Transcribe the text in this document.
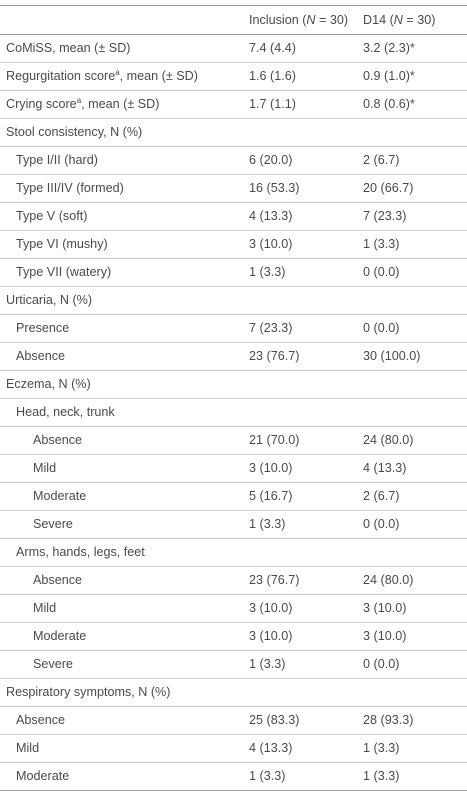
	Inclusion (N = 30)	D14 (N = 30)
CoMiSS, mean (± SD)	7.4 (4.4)	3.2 (2.3)*
Regurgitation score$^a$, mean (± SD)	1.6 (1.6)	0.9 (1.0)*
Crying score$^a$, mean (± SD)	1.7 (1.1)	0.8 (0.6)*
Stool consistency, N (%)		
Type I/II (hard)	6 (20.0)	2 (6.7)
Type III/IV (formed)	16 (53.3)	20 (66.7)
Type V (soft)	4 (13.3)	7 (23.3)
Type VI (mushy)	3 (10.0)	1 (3.3)
Type VII (watery)	1 (3.3)	0 (0.0)
Urticaria, N (%)		
Presence	7 (23.3)	0 (0.0)
Absence	23 (76.7)	30 (100.0)
Eczema, N (%)		
Head, neck, trunk		
Absence	21 (70.0)	24 (80.0)
Mild	3 (10.0)	4 (13.3)
Moderate	5 (16.7)	2 (6.7)
Severe	1 (3.3)	0 (0.0)
Arms, hands, legs, feet		
Absence	23 (76.7)	24 (80.0)
Mild	3 (10.0)	3 (10.0)
Moderate	3 (10.0)	3 (10.0)
Severe	1 (3.3)	0 (0.0)
Respiratory symptoms, N (%)		
Absence	25 (83.3)	28 (93.3)
Mild	4 (13.3)	1 (3.3)
Moderate	1 (3.3)	1 (3.3)
